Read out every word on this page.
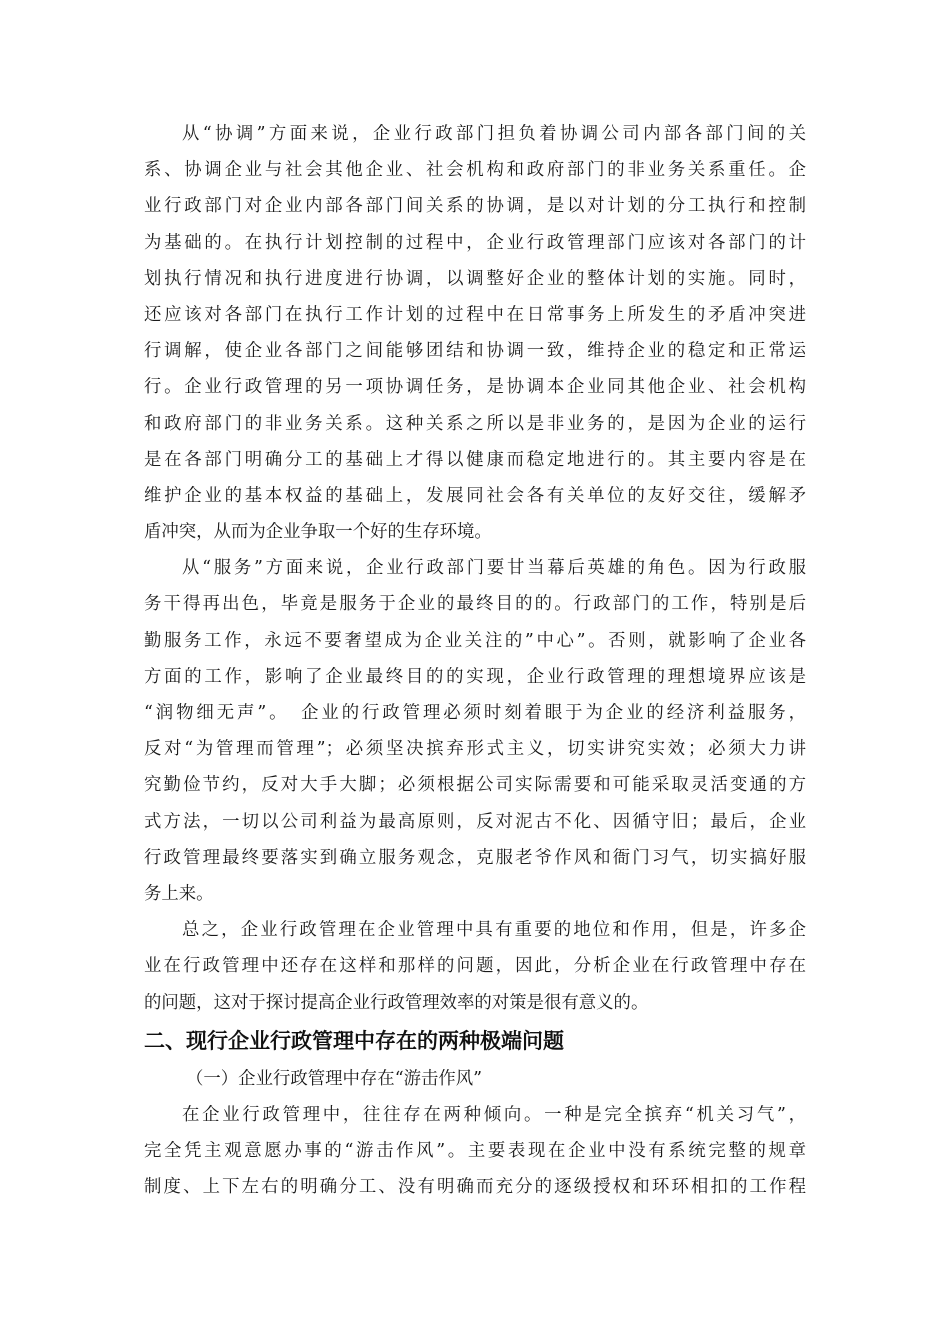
从“协调”方面来说，企业行政部门担负着协调公司内部各部门间的关
系、协调企业与社会其他企业、社会机构和政府部门的非业务关系重任。企
业行政部门对企业内部各部门间关系的协调，是以对计划的分工执行和控制
为基础的。在执行计划控制的过程中，企业行政管理部门应该对各部门的计
划执行情况和执行进度进行协调，以调整好企业的整体计划的实施。同时，
还应该对各部门在执行工作计划的过程中在日常事务上所发生的矛盾冲突进
行调解，使企业各部门之间能够团结和协调一致，维持企业的稳定和正常运
行。企业行政管理的另一项协调任务，是协调本企业同其他企业、社会机构
和政府部门的非业务关系。这种关系之所以是非业务的，是因为企业的运行
是在各部门明确分工的基础上才得以健康而稳定地进行的。其主要内容是在
维护企业的基本权益的基础上，发展同社会各有关单位的友好交往，缓解矛
盾冲突，从而为企业争取一个好的生存环境。
从“服务”方面来说，企业行政部门要甘当幕后英雄的角色。因为行政服
务干得再出色，毕竟是服务于企业的最终目的的。行政部门的工作，特别是后
勤服务工作，永远不要奢望成为企业关注的”中心”。否则，就影响了企业各
方面的工作，影响了企业最终目的的实现，企业行政管理的理想境界应该是
“润物细无声”。　企业的行政管理必须时刻着眼于为企业的经济利益服务，
反对“为管理而管理”；必须坚决摈弃形式主义，切实讲究实效；必须大力讲
究勤俭节约，反对大手大脚；必须根据公司实际需要和可能采取灵活变通的方
式方法，一切以公司利益为最高原则，反对泥古不化、因循守旧；最后，企业
行政管理最终要落实到确立服务观念，克服老爷作风和衙门习气，切实搞好服
务上来。
总之，企业行政管理在企业管理中具有重要的地位和作用，但是，许多企
业在行政管理中还存在这样和那样的问题，因此，分析企业在行政管理中存在
的问题，这对于探讨提高企业行政管理效率的对策是很有意义的。
二、现行企业行政管理中存在的两种极端问题
（一）企业行政管理中存在“游击作风”
在企业行政管理中，往往存在两种倾向。一种是完全摈弃“机关习气”，
完全凭主观意愿办事的“游击作风”。主要表现在企业中没有系统完整的规章
制度、上下左右的明确分工、没有明确而充分的逐级授权和环环相扣的工作程
